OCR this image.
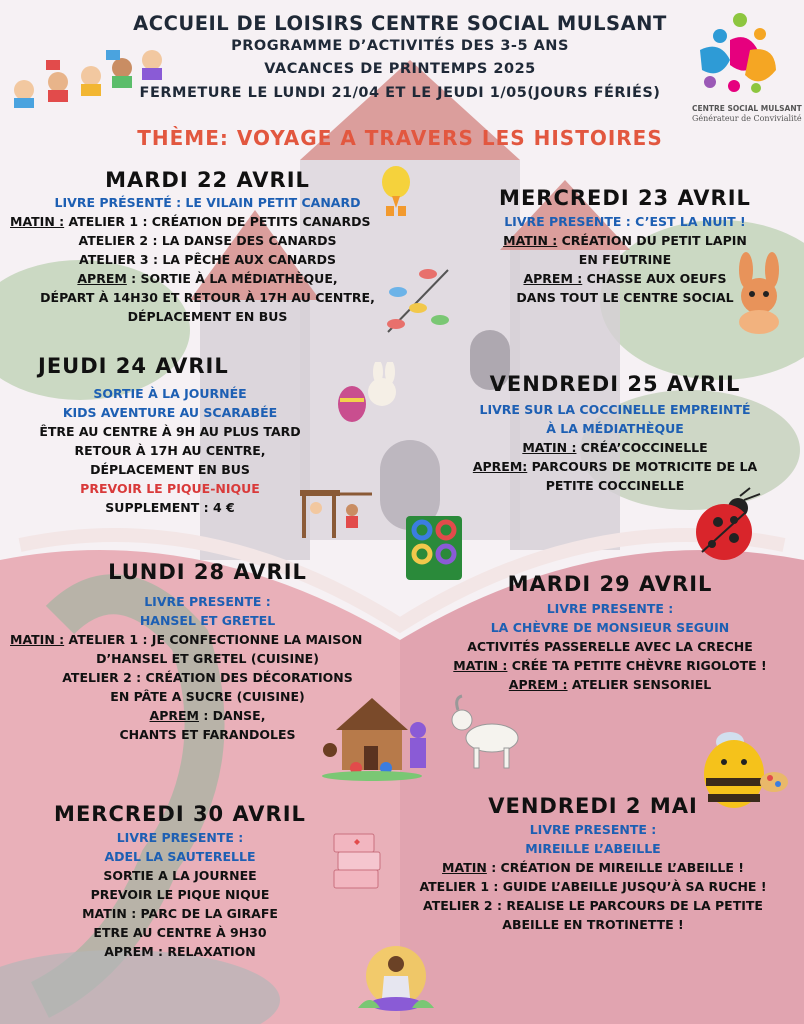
CENTRE SOCIAL MULSANT
Générateur de Convivialité
ACCUEIL DE LOISIRS CENTRE SOCIAL MULSANT
PROGRAMME D’ACTIVITÉS DES 3-5 ANS
VACANCES DE PRINTEMPS 2025
FERMETURE LE LUNDI 21/04 ET LE JEUDI 1/05(JOURS FÉRIÉS)
THÈME: VOYAGE A TRAVERS LES HISTOIRES
MARDI 22 AVRIL
LIVRE PRÉSENTÉ : LE VILAIN PETIT CANARD
MATIN : ATELIER 1 : CRÉATION DE PETITS CANARDS
ATELIER 2 : LA DANSE DES CANARDS
ATELIER 3 : LA PÊCHE AUX CANARDS
APREM : SORTIE À LA MÉDIATHÈQUE,
DÉPART À 14H30 ET RETOUR À 17H AU CENTRE,
DÉPLACEMENT EN BUS
MERCREDI 23 AVRIL
LIVRE PRESENTE : C’EST LA NUIT !
MATIN : CRÉATION DU PETIT LAPIN
EN FEUTRINE
APREM : CHASSE AUX OEUFS
DANS TOUT LE CENTRE SOCIAL
JEUDI 24 AVRIL
SORTIE À LA JOURNÉE
KIDS AVENTURE AU SCARABÉE
ÊTRE AU CENTRE À 9H AU PLUS TARD
RETOUR À 17H AU CENTRE,
DÉPLACEMENT EN BUS
PREVOIR LE PIQUE-NIQUE
SUPPLEMENT : 4 €
VENDREDI 25 AVRIL
LIVRE SUR LA COCCINELLE EMPREINTÉ
À LA MÉDIATHÈQUE
MATIN : CRÉA’COCCINELLE
APREM: PARCOURS DE MOTRICITE DE LA
PETITE COCCINELLE
LUNDI 28 AVRIL
LIVRE PRESENTE :
HANSEL ET GRETEL
MATIN : ATELIER 1 : JE CONFECTIONNE LA MAISON
D’HANSEL ET GRETEL (CUISINE)
ATELIER 2 : CRÉATION DES DÉCORATIONS
EN PÂTE A SUCRE (CUISINE)
APREM : DANSE,
CHANTS ET FARANDOLES
MARDI 29 AVRIL
LIVRE PRESENTE :
LA CHÈVRE DE MONSIEUR SEGUIN
ACTIVITÉS PASSERELLE AVEC LA CRECHE
MATIN : CRÉE TA PETITE CHÈVRE RIGOLOTE !
APREM : ATELIER SENSORIEL
MERCREDI 30 AVRIL
LIVRE PRESENTE :
ADEL LA SAUTERELLE
SORTIE A LA JOURNEE
PREVOIR LE PIQUE NIQUE
MATIN : PARC DE LA GIRAFE
ETRE AU CENTRE À 9H30
APREM : RELAXATION
VENDREDI 2 MAI
LIVRE PRESENTE :
MIREILLE L’ABEILLE
MATIN : CRÉATION DE MIREILLE L’ABEILLE !
ATELIER 1 : GUIDE L’ABEILLE JUSQU’À SA RUCHE !
ATELIER 2 : REALISE LE PARCOURS DE LA PETITE
ABEILLE EN TROTINETTE !
